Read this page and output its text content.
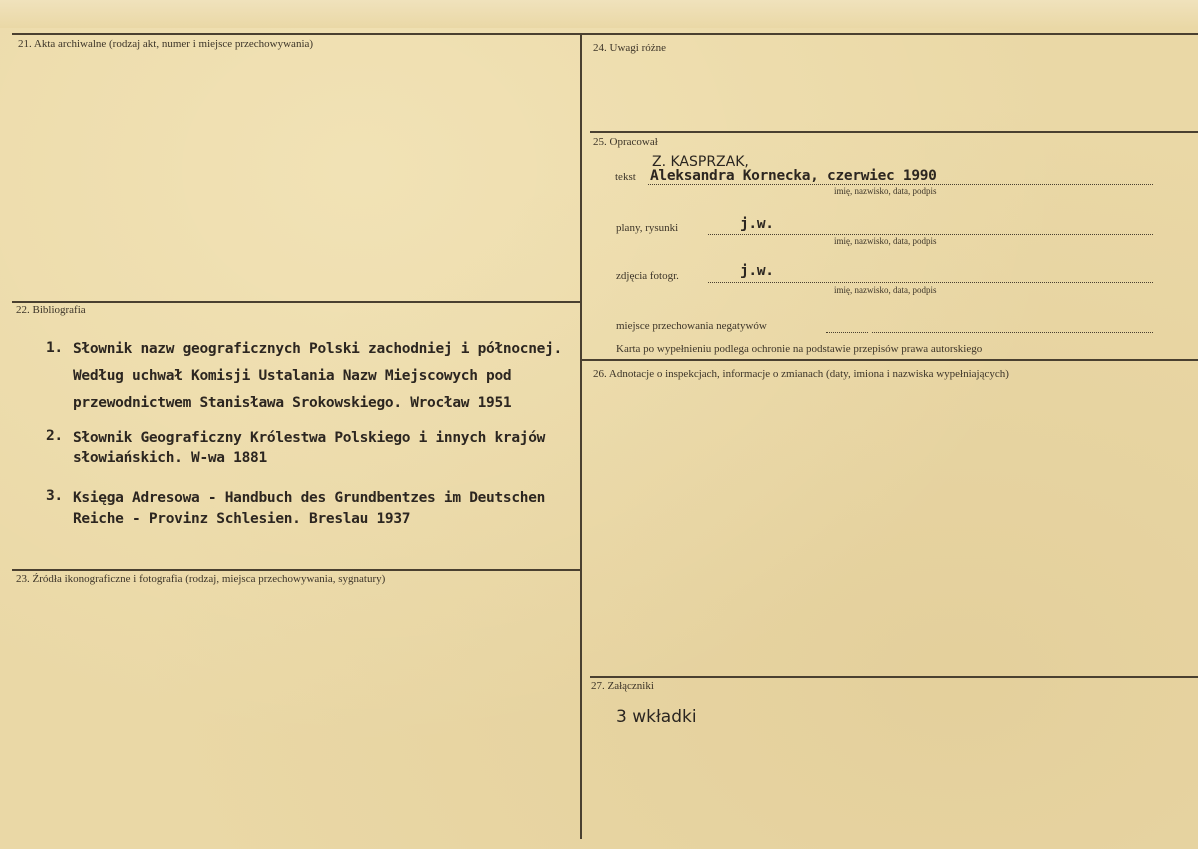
21. Akta archiwalne (rodzaj akt, numer i miejsce przechowywania)
22. Bibliografia
1. Słownik nazw geograficznych Polski zachodniej i północnej.
Według uchwał Komisji Ustalania Nazw Miejscowych pod
przewodnictwem Stanisława Srokowskiego. Wrocław 1951
2. Słownik Geograficzny Królestwa Polskiego i innych krajów
słowiańskich. W-wa 1881
3. Księga Adresowa - Handbuch des Grundbentzes im Deutschen
Reiche - Provinz Schlesien. Breslau 1937
23. Źródła ikonograficzne i fotografia (rodzaj, miejsca przechowywania, sygnatury)
24. Uwagi różne
25. Opracował
Z. KASPRZAK,
tekst Aleksandra Kornecka, czerwiec 1990
imię, nazwisko, data, podpis
plany, rysunki	j.w.
imię, nazwisko, data, podpis
zdjęcia fotogr.	j.w.
imię, nazwisko, data, podpis
miejsce przechowania negatywów
Karta po wypełnieniu podlega ochronie na podstawie przepisów prawa autorskiego
26. Adnotacje o inspekcjach, informacje o zmianach (daty, imiona i nazwiska wypełniających)
27. Załączniki
3 wkładki
